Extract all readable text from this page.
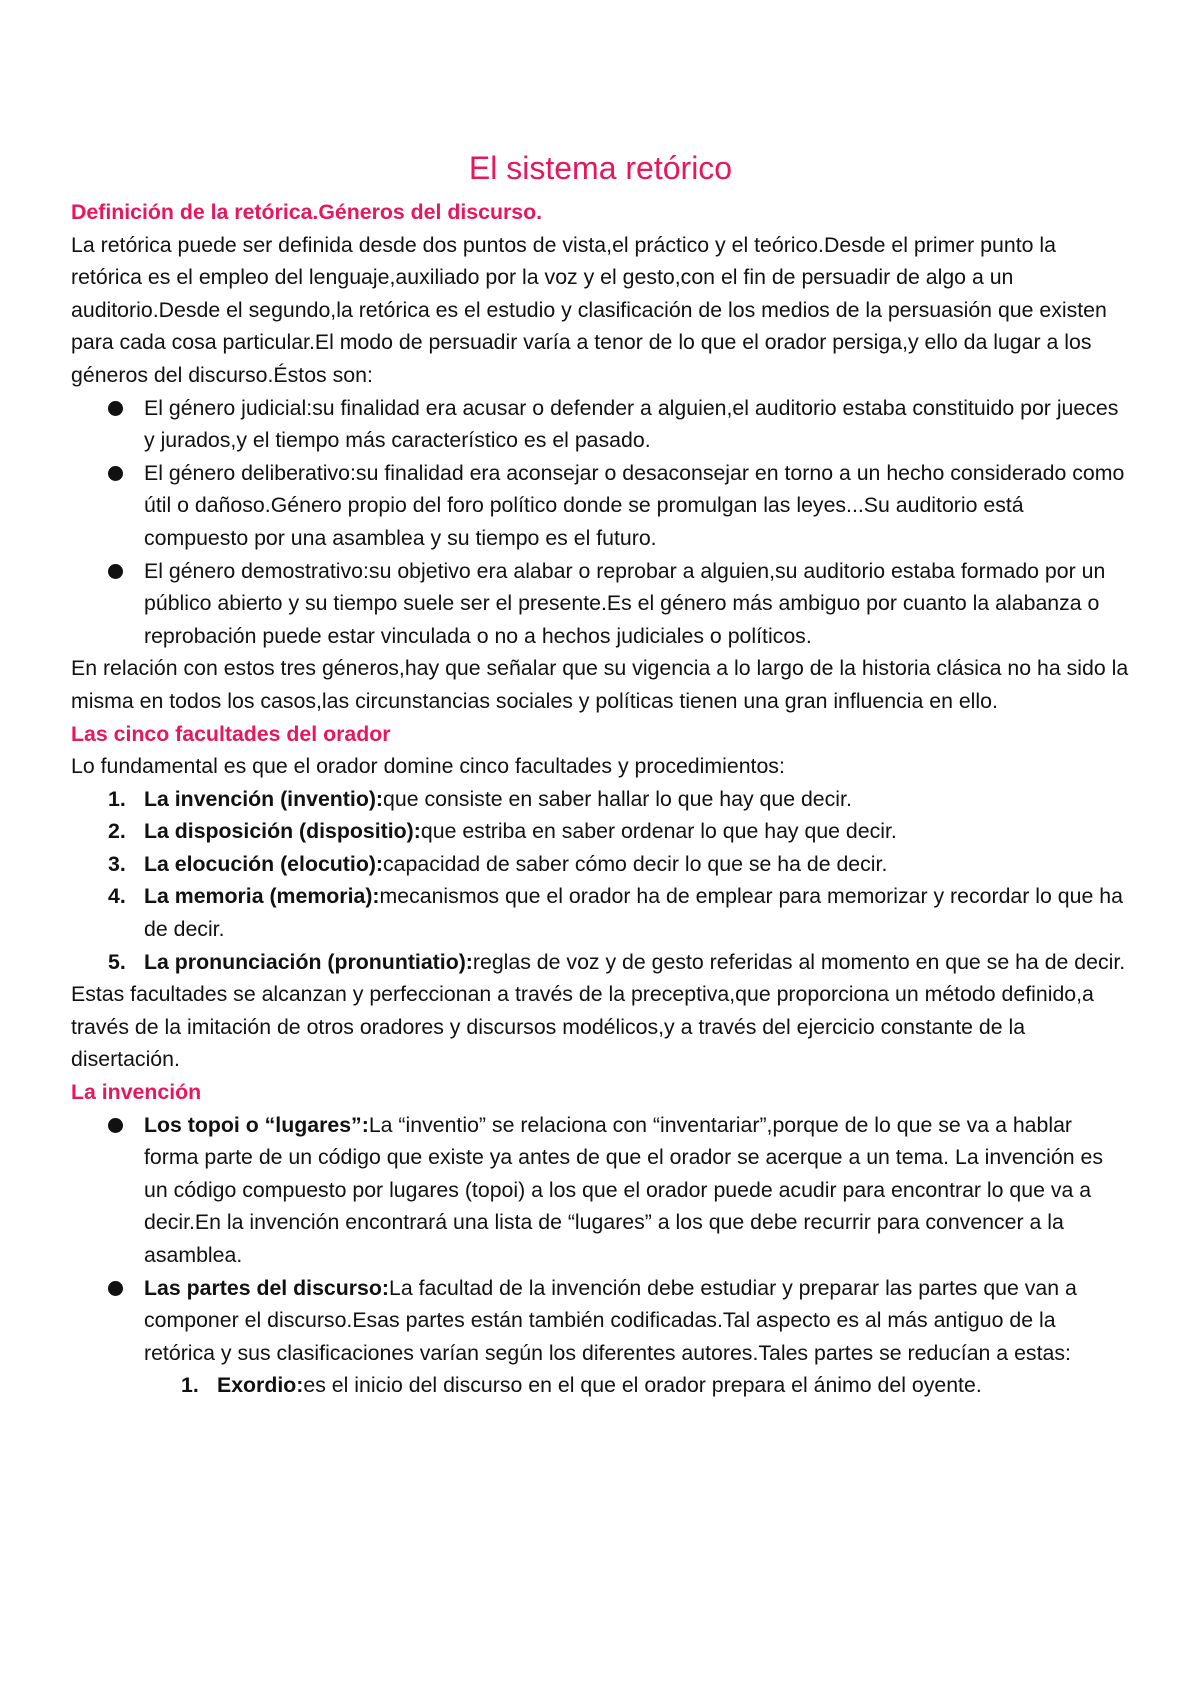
El sistema retórico

Definición de la retórica.Géneros del discurso.

La retórica puede ser definida desde dos puntos de vista,el práctico y el teórico.Desde el primer punto la retórica es el empleo del lenguaje,auxiliado por la voz y el gesto,con el fin de persuadir de algo a un auditorio.Desde el segundo,la retórica es el estudio y clasificación de los medios de la persuasión que existen para cada cosa particular.El modo de persuadir varía a tenor de lo que el orador persiga,y ello da lugar a los géneros del discurso.Éstos son:

El género judicial:su finalidad era acusar o defender a alguien,el auditorio estaba constituido por jueces y jurados,y el tiempo más característico es el pasado.
El género deliberativo:su finalidad era aconsejar o desaconsejar en torno a un hecho considerado como útil o dañoso.Género propio del foro político donde se promulgan las leyes...Su auditorio está compuesto por una asamblea y su tiempo es el futuro.
El género demostrativo:su objetivo era alabar o reprobar a alguien,su auditorio estaba formado por un público abierto y su tiempo suele ser el presente.Es el género más ambiguo por cuanto la alabanza o reprobación puede estar vinculada o no a hechos judiciales o políticos.

En relación con estos tres géneros,hay que señalar que su vigencia a lo largo de la historia clásica no ha sido la misma en todos los casos,las circunstancias sociales y políticas tienen una gran influencia en ello.

Las cinco facultades del orador

Lo fundamental es que el orador domine cinco facultades y procedimientos:

1. La invención (inventio):que consiste en saber hallar lo que hay que decir.
2. La disposición (dispositio):que estriba en saber ordenar lo que hay que decir.
3. La elocución (elocutio):capacidad de saber cómo decir lo que se ha de decir.
4. La memoria (memoria):mecanismos que el orador ha de emplear para memorizar y recordar lo que ha de decir.
5. La pronunciación (pronuntiatio):reglas de voz y de gesto referidas al momento en que se ha de decir.

Estas facultades se alcanzan y perfeccionan a través de la preceptiva,que proporciona un método definido,a través de la imitación de otros oradores y discursos modélicos,y a través del ejercicio constante de la disertación.

La invención

Los topoi o “lugares”:La “inventio” se relaciona con “inventariar”,porque de lo que se va a hablar forma parte de un código que existe ya antes de que el orador se acerque a un tema. La invención es un código compuesto por lugares (topoi) a los que el orador puede acudir para encontrar lo que va a decir.En la invención encontrará una lista de “lugares” a los que debe recurrir para convencer a la asamblea.
Las partes del discurso:La facultad de la invención debe estudiar y preparar las partes que van a componer el discurso.Esas partes están también codificadas.Tal aspecto es al más antiguo de la retórica y sus clasificaciones varían según los diferentes autores.Tales partes se reducían a estas:
1. Exordio:es el inicio del discurso en el que el orador prepara el ánimo del oyente.
